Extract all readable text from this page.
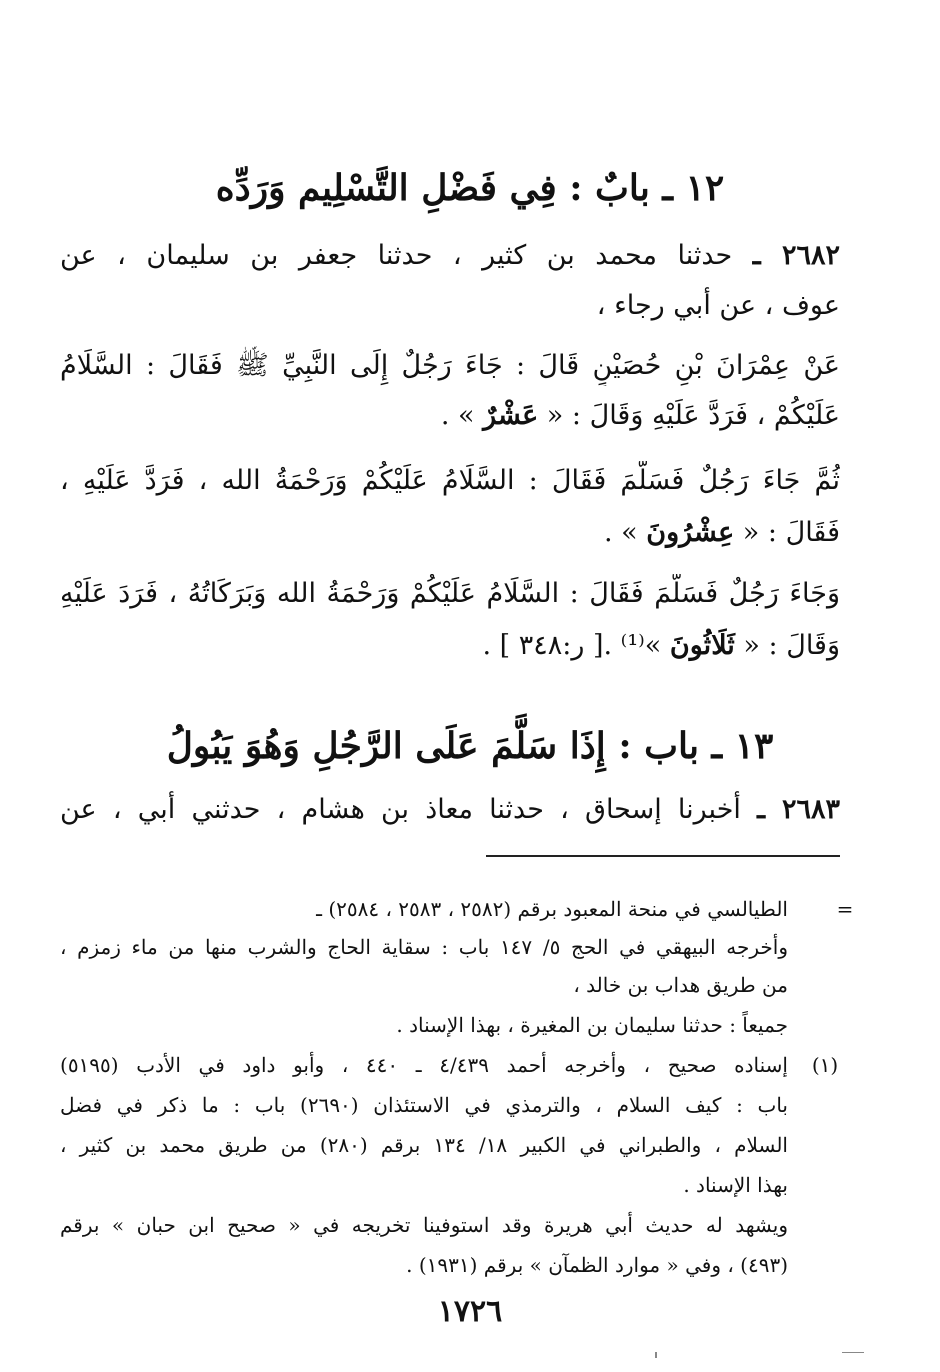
١٢ ـ بابٌ : فِي فَضْلِ التَّسْلِيم وَرَدِّه
٢٦٨٢ ـ حدثنا محمد بن كثير ، حدثنا جعفر بن سليمان ، عن
عوف ، عن أبي رجاء ،
عَنْ عِمْرَانَ بْنِ حُصَيْنٍ قَالَ : جَاءَ رَجُلٌ إِلَى النَّبِيِّ ﷺ فَقَالَ : السَّلَامُ
عَلَيْكُمْ ، فَرَدَّ عَلَيْهِ وَقَالَ : « عَشْرٌ » .
ثُمَّ جَاءَ رَجُلٌ فَسَلَّمَ فَقَالَ : السَّلَامُ عَلَيْكُمْ وَرَحْمَةُ الله ، فَرَدَّ عَلَيْهِ ،
فَقَالَ : « عِشْرُونَ » .
وَجَاءَ رَجُلٌ فَسَلَّمَ فَقَالَ : السَّلَامُ عَلَيْكُمْ وَرَحْمَةُ الله وَبَرَكَاتُهُ ، فَرَدَ عَلَيْهِ
وَقَالَ : « ثَلَاثُونَ »⁽¹⁾ .[ ر:٣٤٨ ] .
١٣ ـ باب : إِذَا سَلَّمَ عَلَى الرَّجُلِ وَهُوَ يَبُولُ
٢٦٨٣ ـ أخبرنا إسحاق ، حدثنا معاذ بن هشام ، حدثني أبي ، عن
=
الطيالسي في منحة المعبود برقم (٢٥٨٢ ، ٢٥٨٣ ، ٢٥٨٤) ـ
وأخرجه البيهقي في الحج ٥/ ١٤٧ باب : سقاية الحاج والشرب منها من ماء زمزم ،
من طريق هداب بن خالد ،
جميعاً : حدثنا سليمان بن المغيرة ، بهذا الإسناد .
(١)
إسناده صحيح ، وأخرجه أحمد ٤/٤٣٩ ـ ٤٤٠ ، وأبو داود في الأدب (٥١٩٥)
باب : كيف السلام ، والترمذي في الاستئذان (٢٦٩٠) باب : ما ذكر في فضل
السلام ، والطبراني في الكبير ١٨/ ١٣٤ برقم (٢٨٠) من طريق محمد بن كثير ،
بهذا الإسناد .
ويشهد له حديث أبي هريرة وقد استوفينا تخريجه في « صحيح ابن حبان » برقم
(٤٩٣) ، وفي « موارد الظمآن » برقم (١٩٣١) .
١٧٢٦
